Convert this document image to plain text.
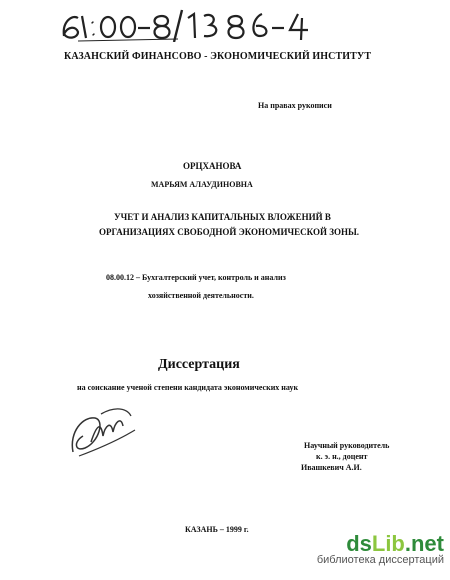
КАЗАНСКИЙ ФИНАНСОВО - ЭКОНОМИЧЕСКИЙ ИНСТИТУТ
На правах рукописи
ОРЦХАНОВА
МАРЬЯМ АЛАУДИНОВНА
УЧЕТ И АНАЛИЗ КАПИТАЛЬНЫХ ВЛОЖЕНИЙ В
ОРГАНИЗАЦИЯХ СВОБОДНОЙ ЭКОНОМИЧЕСКОЙ ЗОНЫ.
08.00.12 – Бухгалтерский учет, контроль и анализ
хозяйственной деятельности.
Диссертация
на соискание ученой степени кандидата экономических наук
Научный руководитель
к. э. н., доцент
Ивашкевич А.И.
КАЗАНЬ – 1999 г.
ds Lib .net
библиотека диссертаций
